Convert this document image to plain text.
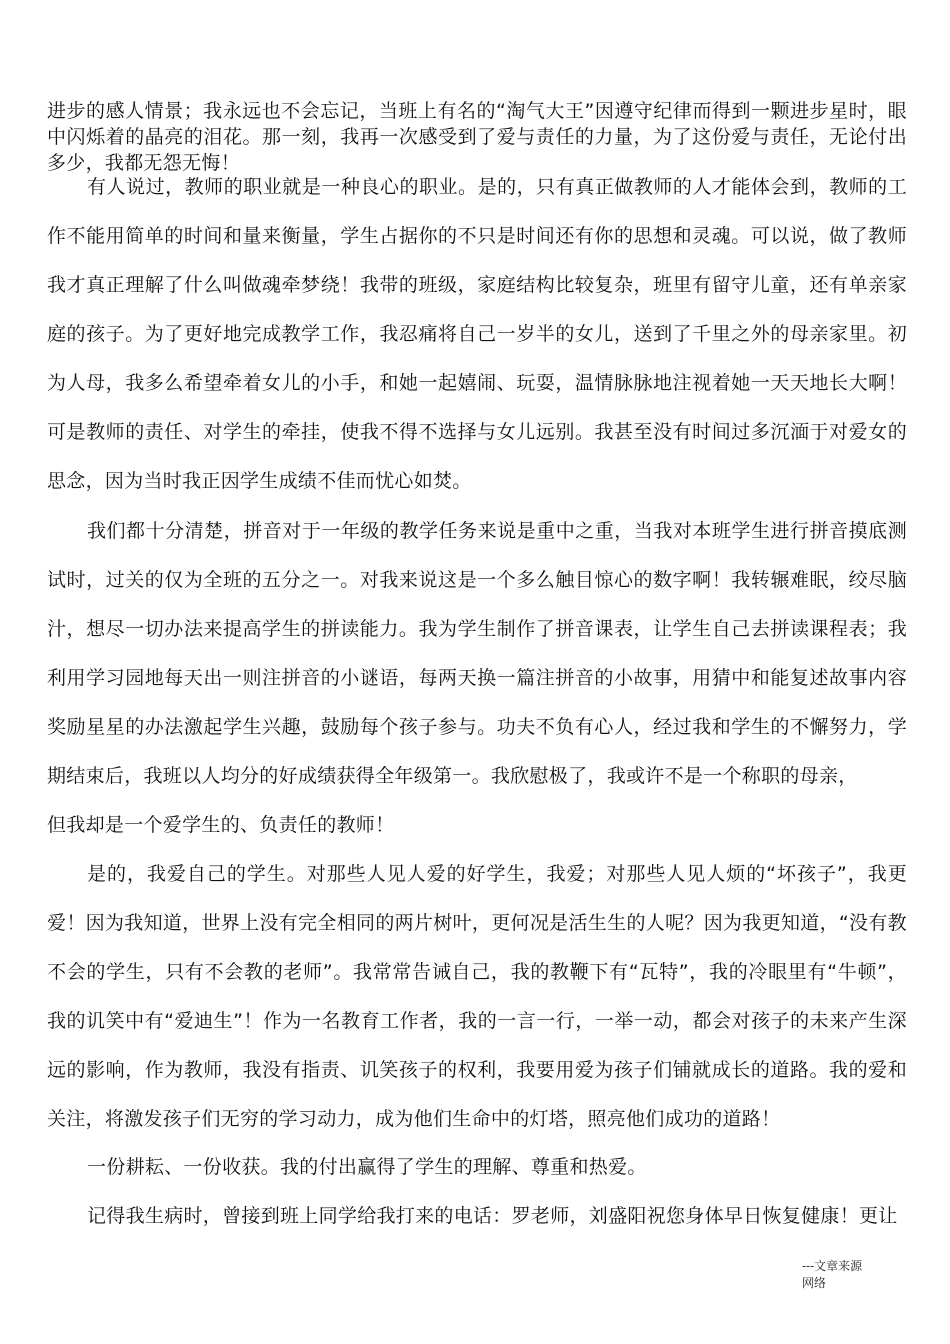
进步的感人情景；我永远也不会忘记，当班上有名的“淘气大王”因遵守纪律而得到一颗进步星时，眼中闪烁着的晶亮的泪花。那一刻，我再一次感受到了爱与责任的力量，为了这份爱与责任，无论付出多少，我都无怨无悔！

有人说过，教师的职业就是一种良心的职业。是的，只有真正做教师的人才能体会到，教师的工作不能用简单的时间和量来衡量，学生占据你的不只是时间还有你的思想和灵魂。可以说，做了教师我才真正理解了什么叫做魂牵梦绕！我带的班级，家庭结构比较复杂，班里有留守儿童，还有单亲家庭的孩子。为了更好地完成教学工作，我忍痛将自己一岁半的女儿，送到了千里之外的母亲家里。初为人母，我多么希望牵着女儿的小手，和她一起嬉闹、玩耍，温情脉脉地注视着她一天天地长大啊！可是教师的责任、对学生的牵挂，使我不得不选择与女儿远别。我甚至没有时间过多沉湎于对爱女的思念，因为当时我正因学生成绩不佳而忧心如焚。

我们都十分清楚，拼音对于一年级的教学任务来说是重中之重，当我对本班学生进行拼音摸底测试时，过关的仅为全班的五分之一。对我来说这是一个多么触目惊心的数字啊！我转辗难眠，绞尽脑汁，想尽一切办法来提高学生的拼读能力。我为学生制作了拼音课表，让学生自己去拼读课程表；我利用学习园地每天出一则注拼音的小谜语，每两天换一篇注拼音的小故事，用猜中和能复述故事内容奖励星星的办法激起学生兴趣，鼓励每个孩子参与。功夫不负有心人，经过我和学生的不懈努力，学期结束后，我班以人均分的好成绩获得全年级第一。我欣慰极了，我或许不是一个称职的母亲，

但我却是一个爱学生的、负责任的教师！

是的，我爱自己的学生。对那些人见人爱的好学生，我爱；对那些人见人烦的“坏孩子”，我更爱！因为我知道，世界上没有完全相同的两片树叶，更何况是活生生的人呢？因为我更知道，“没有教不会的学生，只有不会教的老师”。我常常告诫自己，我的教鞭下有“瓦特”，我的冷眼里有“牛顿”，我的讥笑中有“爱迪生”！作为一名教育工作者，我的一言一行，一举一动，都会对孩子的未来产生深远的影响，作为教师，我没有指责、讥笑孩子的权利，我要用爱为孩子们铺就成长的道路。我的爱和关注，将激发孩子们无穷的学习动力，成为他们生命中的灯塔，照亮他们成功的道路！

一份耕耘、一份收获。我的付出赢得了学生的理解、尊重和热爱。

记得我生病时，曾接到班上同学给我打来的电话：罗老师，刘盛阳祝您身体早日恢复健康！更让

---文章来源网络
